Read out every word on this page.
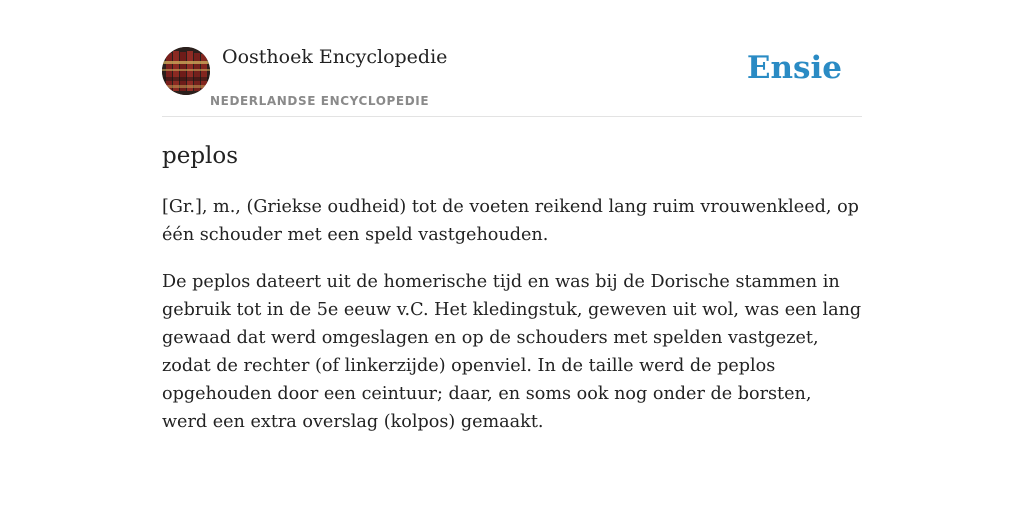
Oosthoek Encyclopedie
NEDERLANDSE ENCYCLOPEDIE
Ensie
peplos

[Gr.], m., (Griekse oudheid) tot de voeten reikend lang ruim vrouwenkleed, op één schouder met een speld vastgehouden.

De peplos dateert uit de homerische tijd en was bij de Dorische stammen in gebruik tot in de 5e eeuw v.C. Het kledingstuk, geweven uit wol, was een lang gewaad dat werd omgeslagen en op de schouders met spelden vastgezet, zodat de rechter (of linkerzijde) openviel. In de taille werd de peplos opgehouden door een ceintuur; daar, en soms ook nog onder de borsten, werd een extra overslag (kolpos) gemaakt.
